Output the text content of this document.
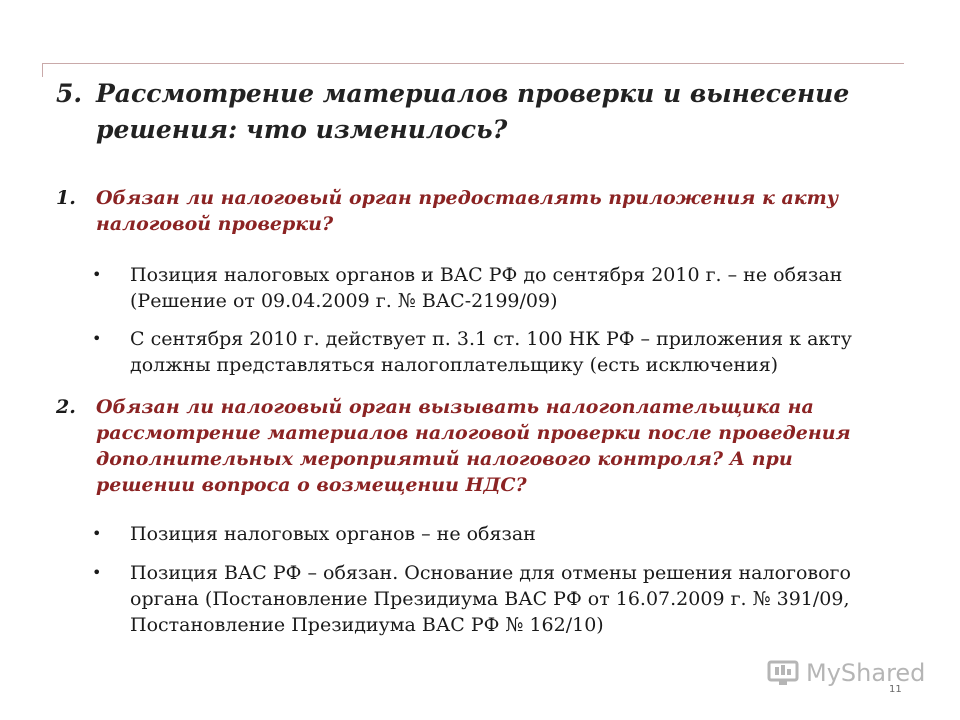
5. Рассмотрение материалов проверки и вынесение решения: что изменилось?

1.	Обязан ли налоговый орган предоставлять приложения к акту налоговой проверки?

•	Позиция налоговых органов и ВАС РФ до сентября 2010 г. – не обязан (Решение от 09.04.2009 г. № ВАС-2199/09)
•	С сентября 2010 г. действует п. 3.1 ст. 100 НК РФ – приложения к акту должны представляться налогоплательщику (есть исключения)

2.	Обязан ли налоговый орган вызывать налогоплательщика на рассмотрение материалов налоговой проверки после проведения дополнительных мероприятий налогового контроля? А при решении вопроса о возмещении НДС?

•	Позиция налоговых органов – не обязан
•	Позиция ВАС РФ – обязан. Основание для отмены решения налогового органа (Постановление Президиума ВАС РФ от 16.07.2009 г. № 391/09, Постановление Президиума ВАС РФ № 162/10)
MyShared
11
